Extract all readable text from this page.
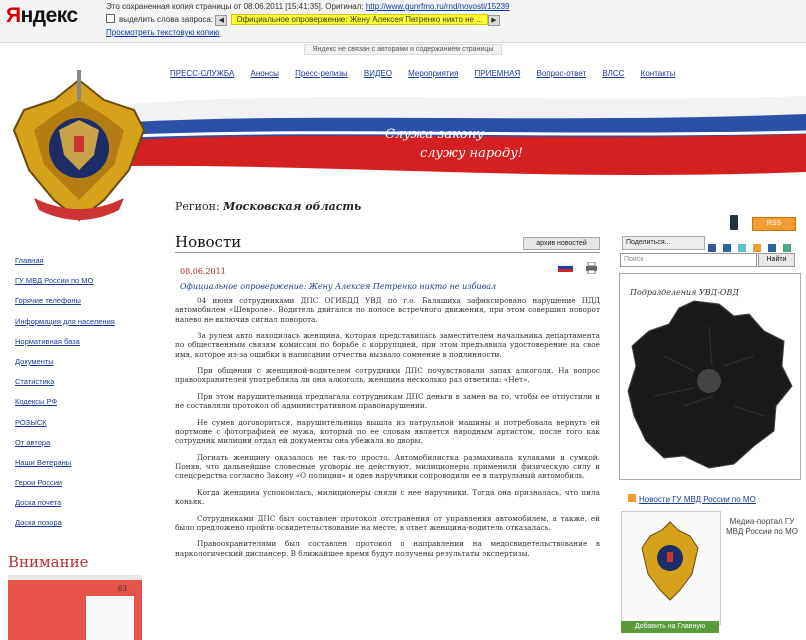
Яндекс	Это сохраненная копия страницы от 08.06.2011 [15:41:35]. Оригинал: http://www.gunrfmo.ru/rnd/novosti/15239
выделить слова запроса: ◀ Официальное опровержение: Жену Алексея Петренко никто не ... ▶
Просмотреть текстовую копию
Яндекс не связан с авторами и содержанием страницы
ПРЕСС-СЛУЖБА Анонсы Пресс-релизы ВИДЕО Мероприятия ПРИЕМНАЯ Вопрос-ответ ВЛСС Контакты
Служа закону -
служу народу!
Регион: Московская область
Новости	архив новостей
08.06.2011
Официальное опровержение: Жену Алексея Петренко никто не избивал

04 июня сотрудниками ДПС ОГИБДД УВД по г.о. Балашиха зафиксировано нарушение ПДД автомобилем «Шевроле». Водитель двигался по полосе встречного движения, при этом совершил поворот налево не включив сигнал поворота.

За рулем авто находилась женщина, которая представилась заместителем начальника департамента по общественным связям комиссии по борьбе с коррупцией, при этом предъявила удостоверение на свое имя, которое из-за ошибки в написании отчества вызвало сомнение в подлинности.

При общении с женщиной-водителем сотрудники ДПС почувствовали запах алкоголя. На вопрос правоохранителей употребляла ли она алкоголь, женщина несколько раз ответила: «Нет».

При этом нарушительница предлагала сотрудникам ДПС деньги в замен на то, чтобы ее отпустили и не составляли протокол об административном правонарушении.

Не сумев договориться, нарушительница вышла из патрульной машины и потребовала вернуть ей портмоне с фотографией ее мужа, который по ее словам является народным артистом, после того как сотрудник милиции отдал ей документы она убежала во дворы.

Догнать женщину оказалось не так-то просто. Автомобилистка размахивала кулаками и сумкой. Поняв, что дальнейшие словесные уговоры не действуют, милиционеры применили физическую силу и спецсредства согласно Закону «О полиции» и одев наручники сопроводили ее в патрульный автомобиль.

Когда женщина успокоилась, милиционеры сняли с нее наручники. Тогда она призналась, что пила коньяк.

Сотрудниками ДПС был составлен протокол отстранения от управления автомобилем, а также, ей было предложено пройти освидетельствование на месте, в ответ женщина-водитель отказалась.

Правоохранителями был составлен протокол о направлении на медосвидетельствование в наркологический диспансер. В ближайшее время будут получены результаты экспертизы.

Главная
ГУ МВД России по МО
Горячие телефоны
Информация для населения
Нормативная база
Документы
Статистика
Кодексы РФ
РОЗЫСК
От автора
Наши Ветераны
Герои России
Доска почета
Доска позора
Внимание
63
RSS
Поделиться...

Поиск	Найти
Подразделения УВД-ОВД
Новости ГУ МВД России по МО
Медиа-портал ГУ МВД России по МО
Добавить на Главную
